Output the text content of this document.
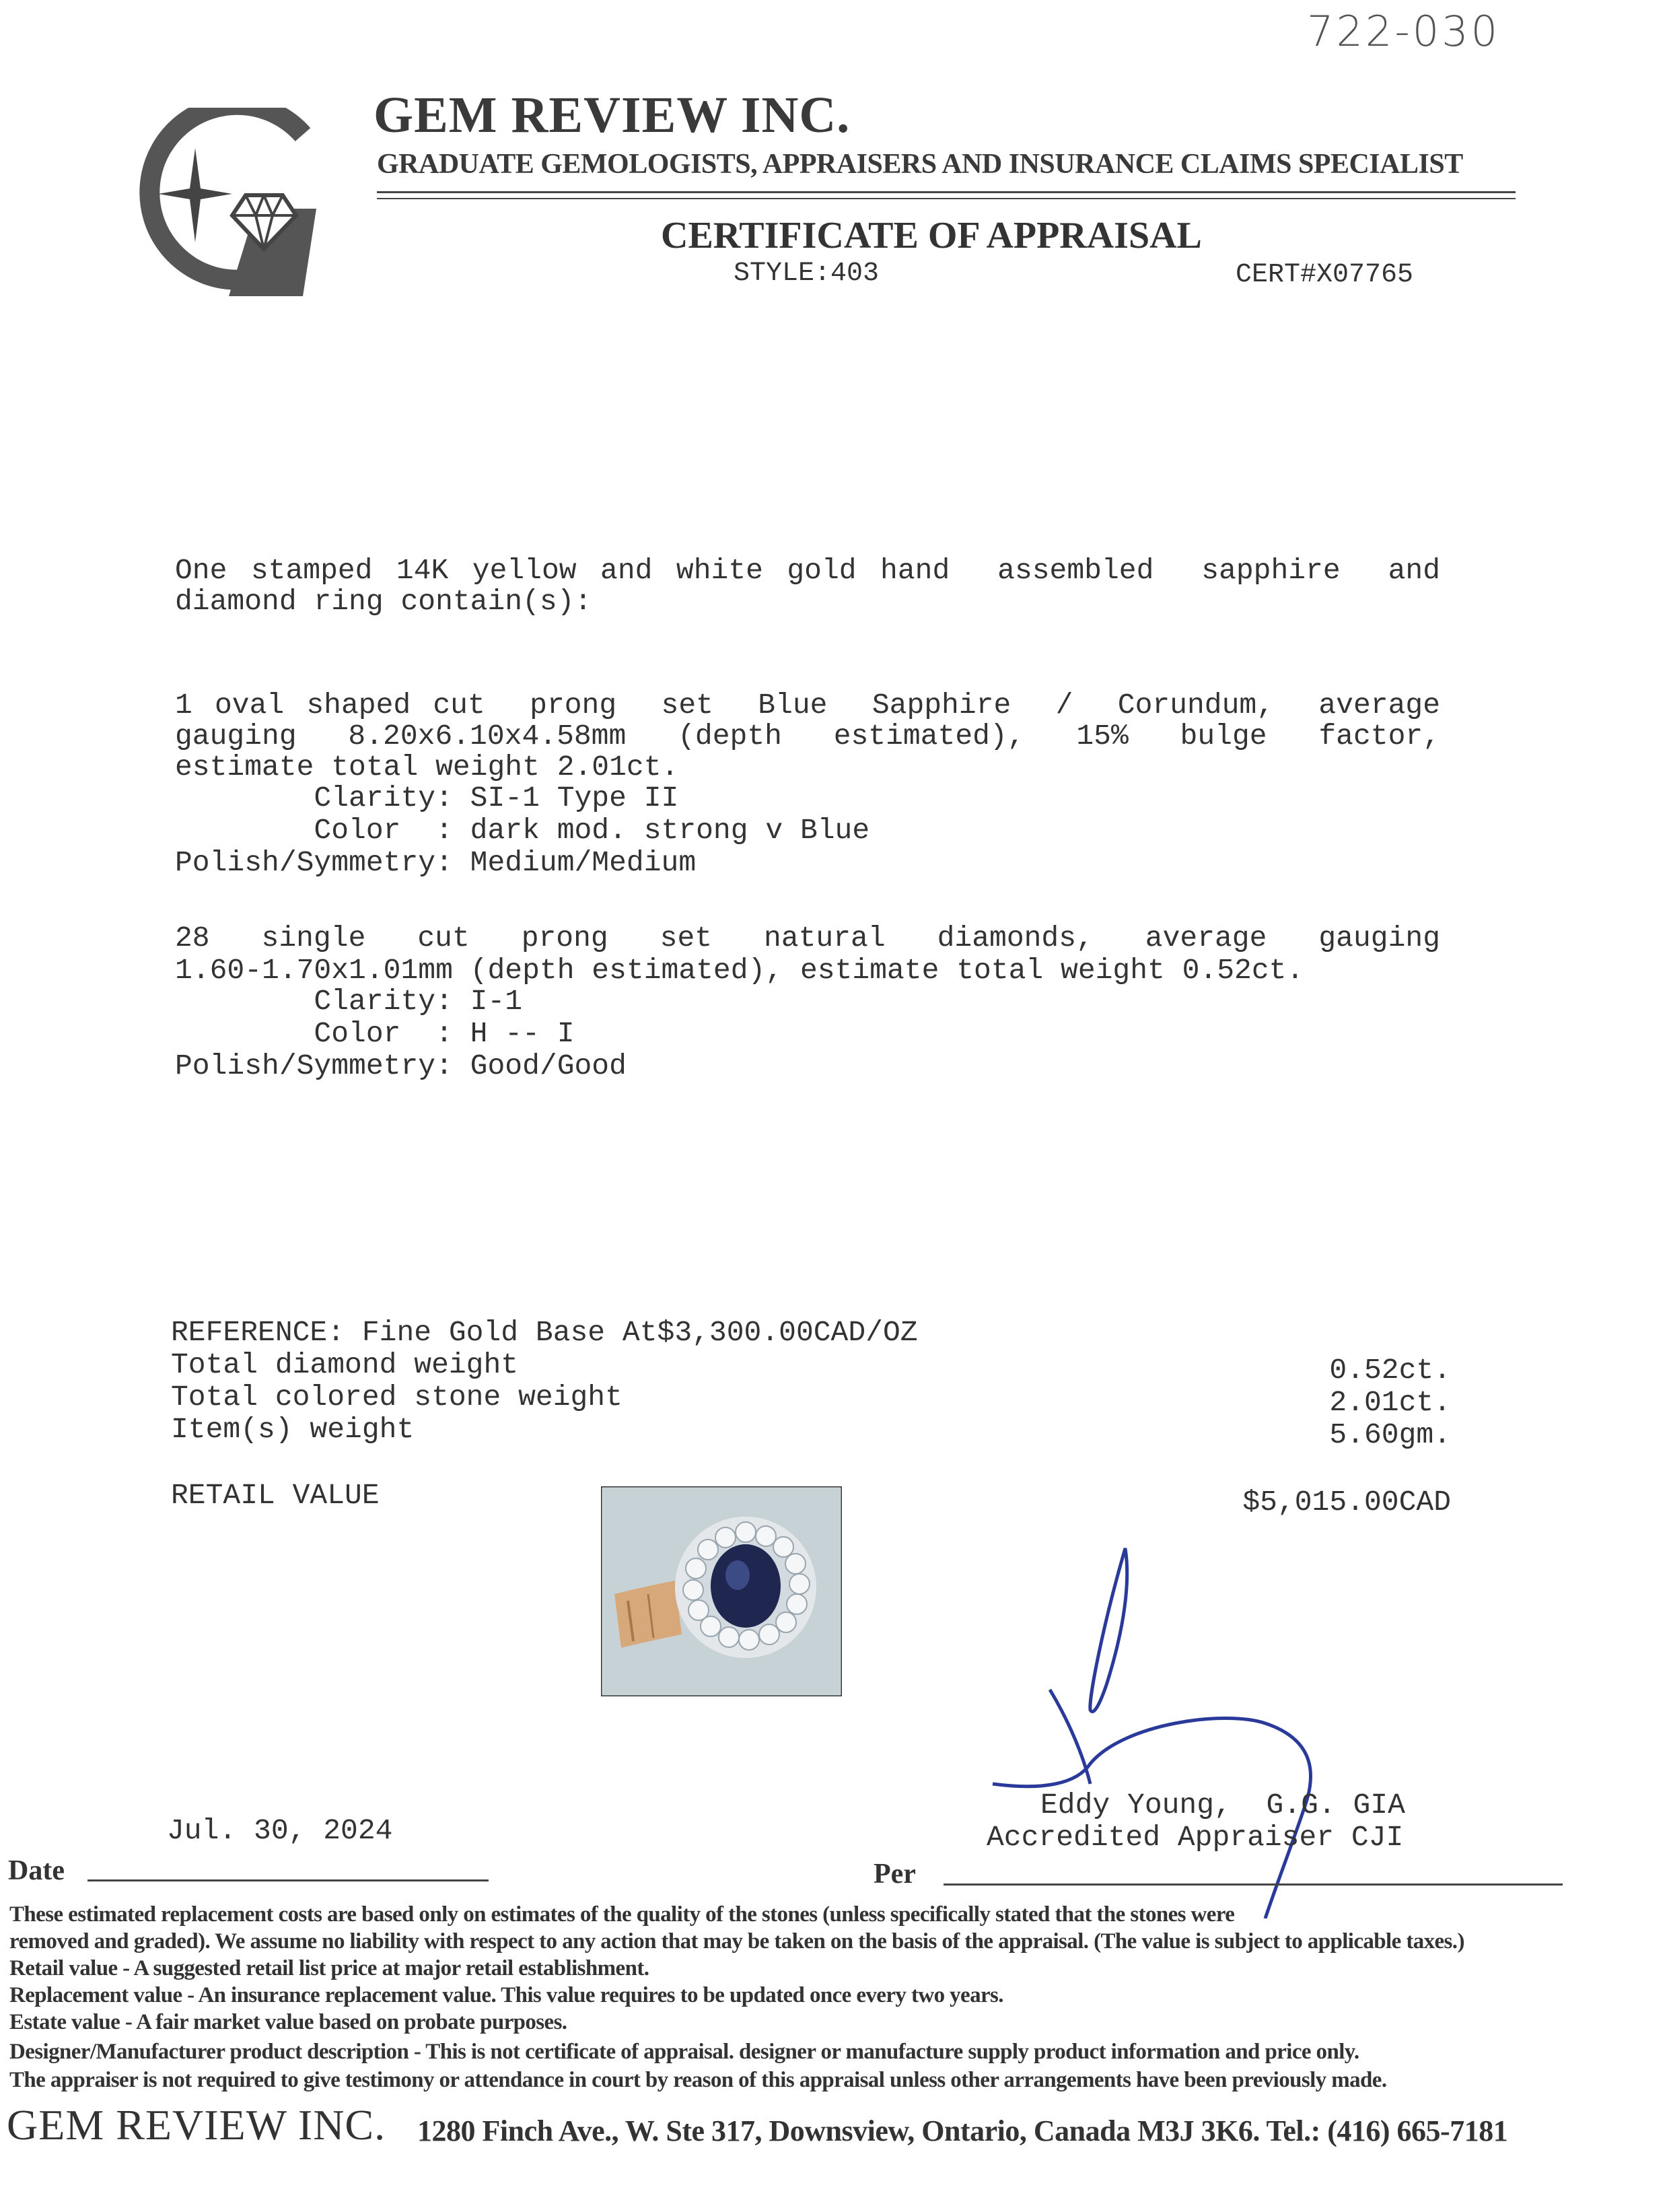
722-030
GEM REVIEW INC.
GRADUATE GEMOLOGISTS, APPRAISERS AND INSURANCE CLAIMS SPECIALIST
CERTIFICATE OF APPRAISAL
STYLE:403	CERT#X07765
One stamped 14K yellow and white gold hand  assembled  sapphire  and
diamond ring contain(s):
1 oval shaped cut  prong  set  Blue  Sapphire  /  Corundum,  average
gauging  8.20x6.10x4.58mm  (depth  estimated),  15%  bulge  factor,
estimate total weight 2.01ct.
Clarity: SI-1 Type II
Color  : dark mod. strong v Blue
Polish/Symmetry: Medium/Medium
28  single  cut  prong  set  natural  diamonds,  average  gauging
1.60-1.70x1.01mm (depth estimated), estimate total weight 0.52ct.
Clarity: I-1
Color  : H -- I
Polish/Symmetry: Good/Good
REFERENCE: Fine Gold Base At$3,300.00CAD/OZ
Total diamond weight	0.52ct.
Total colored stone weight	2.01ct.
Item(s) weight	5.60gm.
RETAIL VALUE	$5,015.00CAD
Jul. 30, 2024
Eddy Young,  G.G. GIA
Accredited Appraiser CJI
Date	Per
These estimated replacement costs are based only on estimates of the quality of the stones (unless specifically stated that the stones were
removed and graded). We assume no liability with respect to any action that may be taken on the basis of the appraisal. (The value is subject to applicable taxes.)
Retail value - A suggested retail list price at major retail establishment.
Replacement value - An insurance replacement value. This value requires to be updated once every two years.
Estate value - A fair market value based on probate purposes.
Designer/Manufacturer product description - This is not certificate of appraisal. designer or manufacture supply product information and price only.
The appraiser is not required to give testimony or attendance in court by reason of this appraisal unless other arrangements have been previously made.
GEM REVIEW INC. 1280 Finch Ave., W. Ste 317, Downsview, Ontario, Canada M3J 3K6. Tel.: (416) 665-7181
